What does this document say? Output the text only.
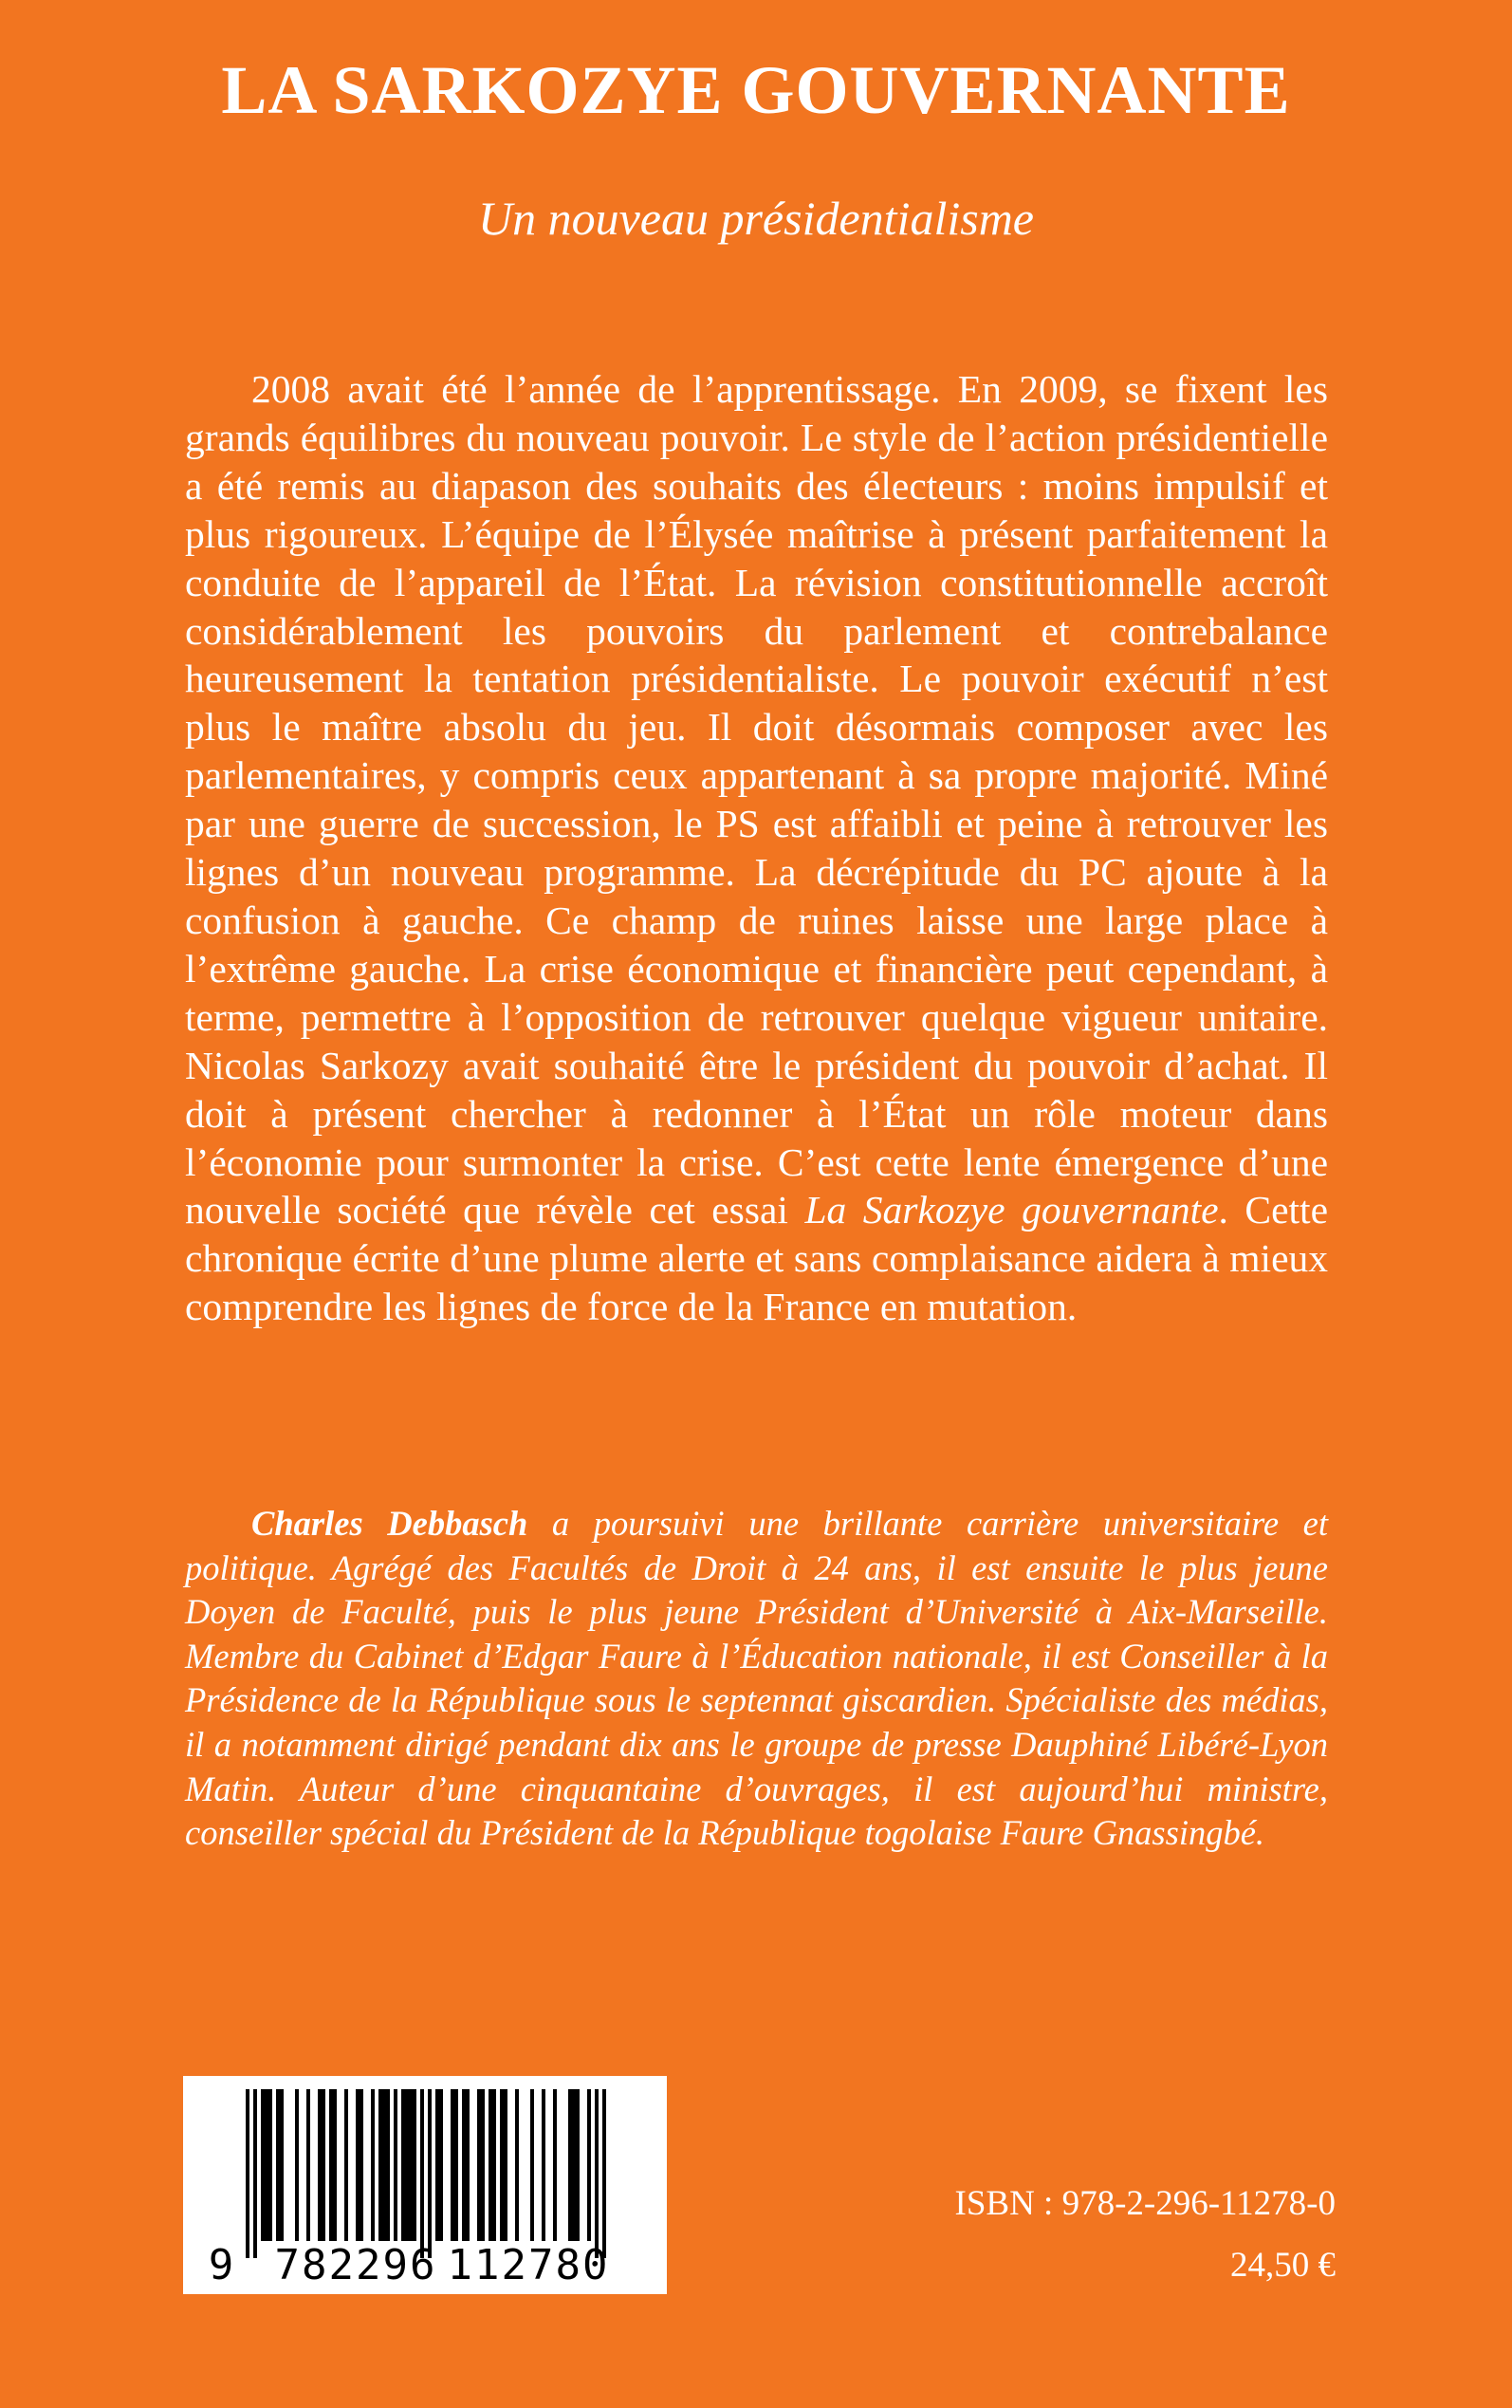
LA SARKOZYE GOUVERNANTE

Un nouveau présidentialisme

2008 avait été l’année de l’apprentissage. En 2009, se fixent les grands équilibres du nouveau pouvoir. Le style de l’action présidentielle a été remis au diapason des souhaits des électeurs : moins impulsif et plus rigoureux. L’équipe de l’Élysée maîtrise à présent parfaitement la conduite de l’appareil de l’État. La révision constitutionnelle accroît considérablement les pouvoirs du parlement et contrebalance heureusement la tentation présidentialiste. Le pouvoir exécutif n’est plus le maître absolu du jeu. Il doit désormais composer avec les parlementaires, y compris ceux appartenant à sa propre majorité. Miné par une guerre de succession, le PS est affaibli et peine à retrouver les lignes d’un nouveau programme. La décrépitude du PC ajoute à la confusion à gauche. Ce champ de ruines laisse une large place à l’extrême gauche. La crise économique et financière peut cependant, à terme, permettre à l’opposition de retrouver quelque vigueur unitaire. Nicolas Sarkozy avait souhaité être le président du pouvoir d’achat. Il doit à présent chercher à redonner à l’État un rôle moteur dans l’économie pour surmonter la crise. C’est cette lente émergence d’une nouvelle société que révèle cet essai La Sarkozye gouvernante. Cette chronique écrite d’une plume alerte et sans complaisance aidera à mieux comprendre les lignes de force de la France en mutation.

Charles Debbasch a poursuivi une brillante carrière universitaire et politique. Agrégé des Facultés de Droit à 24 ans, il est ensuite le plus jeune Doyen de Faculté, puis le plus jeune Président d’Université à Aix-Marseille. Membre du Cabinet d’Edgar Faure à l’Éducation nationale, il est Conseiller à la Présidence de la République sous le septennat giscardien. Spécialiste des médias, il a notamment dirigé pendant dix ans le groupe de presse Dauphiné Libéré-Lyon Matin. Auteur d’une cinquantaine d’ouvrages, il est aujourd’hui ministre, conseiller spécial du Président de la République togolaise Faure Gnassingbé.

9 782296 112780
ISBN : 978-2-296-11278-0
24,50 €
